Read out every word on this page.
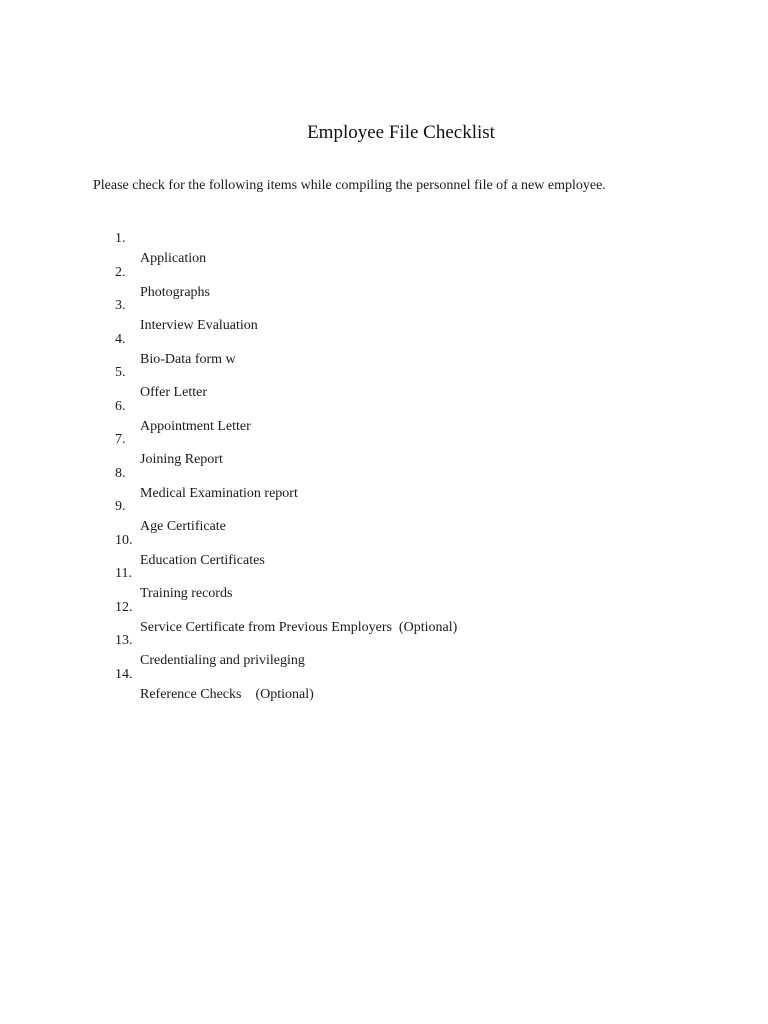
Employee File Checklist

Please check for the following items while compiling the personnel file of a new employee.

1.

Application

2.

Photographs

3.

Interview Evaluation

4.

Bio-Data form w

5.

Offer Letter

6.

Appointment Letter

7.

Joining Report

8.

Medical Examination report

9.

Age Certificate

10.

Education Certificates

11.

Training records

12.

Service Certificate from Previous Employers  (Optional)

13.

Credentialing and privileging

14.

Reference Checks    (Optional)
